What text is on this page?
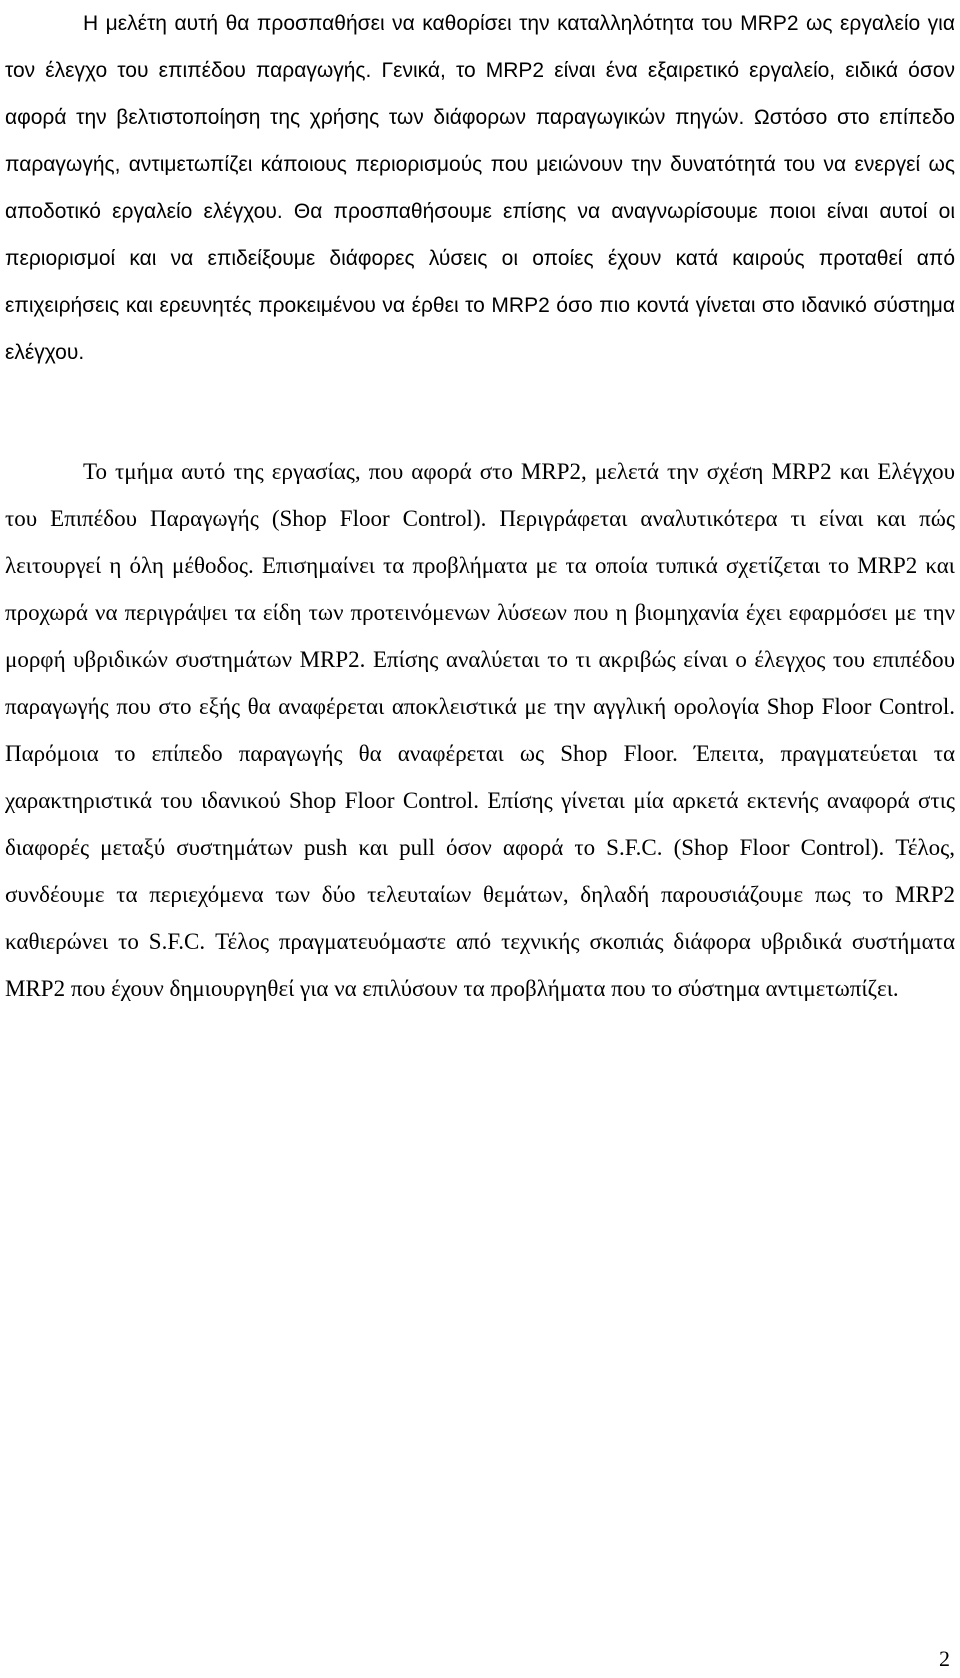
Η μελέτη αυτή θα προσπαθήσει να καθορίσει την καταλληλότητα του MRP2 ως εργαλείο για τον έλεγχο του επιπέδου παραγωγής. Γενικά, το MRP2 είναι ένα εξαιρετικό εργαλείο, ειδικά όσον αφορά την βελτιστοποίηση της χρήσης των διάφορων παραγωγικών πηγών. Ωστόσο στο επίπεδο παραγωγής, αντιμετωπίζει κάποιους περιορισμούς που μειώνουν την δυνατότητά του να ενεργεί ως αποδοτικό εργαλείο ελέγχου. Θα προσπαθήσουμε επίσης να αναγνωρίσουμε ποιοι είναι αυτοί οι περιορισμοί και να επιδείξουμε διάφορες λύσεις οι οποίες έχουν κατά καιρούς προταθεί από επιχειρήσεις και ερευνητές προκειμένου να έρθει το MRP2 όσο πιο κοντά γίνεται στο ιδανικό σύστημα ελέγχου.

Το τμήμα αυτό της εργασίας, που αφορά στο MRP2, μελετά την σχέση MRP2 και Ελέγχου του Επιπέδου Παραγωγής (Shop Floor Control). Περιγράφεται αναλυτικότερα τι είναι και πώς λειτουργεί η όλη μέθοδος. Επισημαίνει τα προβλήματα με τα οποία τυπικά σχετίζεται το MRP2 και προχωρά να περιγράψει τα είδη των προτεινόμενων λύσεων που η βιομηχανία έχει εφαρμόσει με την μορφή υβριδικών συστημάτων MRP2. Επίσης αναλύεται το τι ακριβώς είναι ο έλεγχος του επιπέδου παραγωγής που στο εξής θα αναφέρεται αποκλειστικά με την αγγλική ορολογία Shop Floor Control. Παρόμοια το επίπεδο παραγωγής θα αναφέρεται ως Shop Floor. Έπειτα, πραγματεύεται τα χαρακτηριστικά του ιδανικού Shop Floor Control. Επίσης γίνεται μία αρκετά εκτενής αναφορά στις διαφορές μεταξύ συστημάτων push και pull όσον αφορά το S.F.C. (Shop Floor Control). Τέλος, συνδέουμε τα περιεχόμενα των δύο τελευταίων θεμάτων, δηλαδή παρουσιάζουμε πως το MRP2 καθιερώνει το S.F.C. Τέλος πραγματευόμαστε από τεχνικής σκοπιάς διάφορα υβριδικά συστήματα MRP2 που έχουν δημιουργηθεί για να επιλύσουν τα προβλήματα που το σύστημα αντιμετωπίζει.

2
